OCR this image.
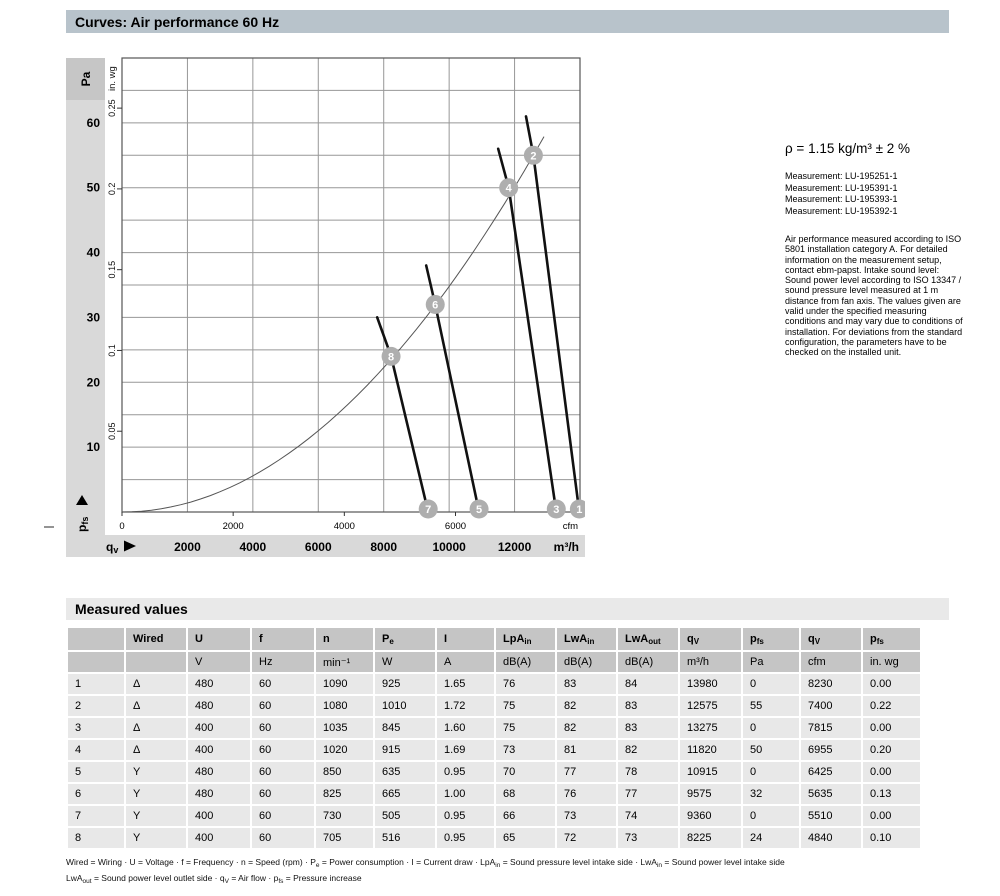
Curves: Air performance 60 Hz
0.05
0.1
0.15
0.2
0.25
in. wg
10
20
30
40
50
60
Pa
pfs
1
2
3
4
5
6
7
8
0	2000	4000	6000	cfm
2000	4000	6000	8000	10000	12000 m³/h
qv
ρ = 1.15 kg/m³ ± 2 %
Measurement: LU-195251-1
Measurement: LU-195391-1
Measurement: LU-195393-1
Measurement: LU-195392-1
Air performance measured according to ISO 5801 installation category A. For detailed information on the measurement setup, contact ebm-papst. Intake sound level: Sound power level according to ISO 13347 / sound pressure level measured at 1 m distance from fan axis. The values given are valid under the specified measuring conditions and may vary due to conditions of installation. For deviations from the standard configuration, the parameters have to be checked on the installed unit.
Measured values
	Wired	U	f	n	Pe	I	LpAin	LwAin	LwAout	qV	pfs	qV	pfs
		V	Hz	min⁻¹	W	A	dB(A)	dB(A)	dB(A)	m³/h	Pa	cfm	in. wg
1	Δ	480	60	1090	925	1.65	76	83	84	13980	0	8230	0.00
2	Δ	480	60	1080	1010	1.72	75	82	83	12575	55	7400	0.22
3	Δ	400	60	1035	845	1.60	75	82	83	13275	0	7815	0.00
4	Δ	400	60	1020	915	1.69	73	81	82	11820	50	6955	0.20
5	Y	480	60	850	635	0.95	70	77	78	10915	0	6425	0.00
6	Y	480	60	825	665	1.00	68	76	77	9575	32	5635	0.13
7	Y	400	60	730	505	0.95	66	73	74	9360	0	5510	0.00
8	Y	400	60	705	516	0.95	65	72	73	8225	24	4840	0.10
Wired = Wiring · U = Voltage · f = Frequency · n = Speed $(rpm) \cdot P_e$ = Power consumption · I = Current draw · LpA$_{in}$ = Sound pressure level intake side · LwA$_{in}$ = Sound power level intake side
LwA$_{out}$ = Sound power level outlet side · $q_V$ = Air flow · $p_{fs}$ = Pressure increase
